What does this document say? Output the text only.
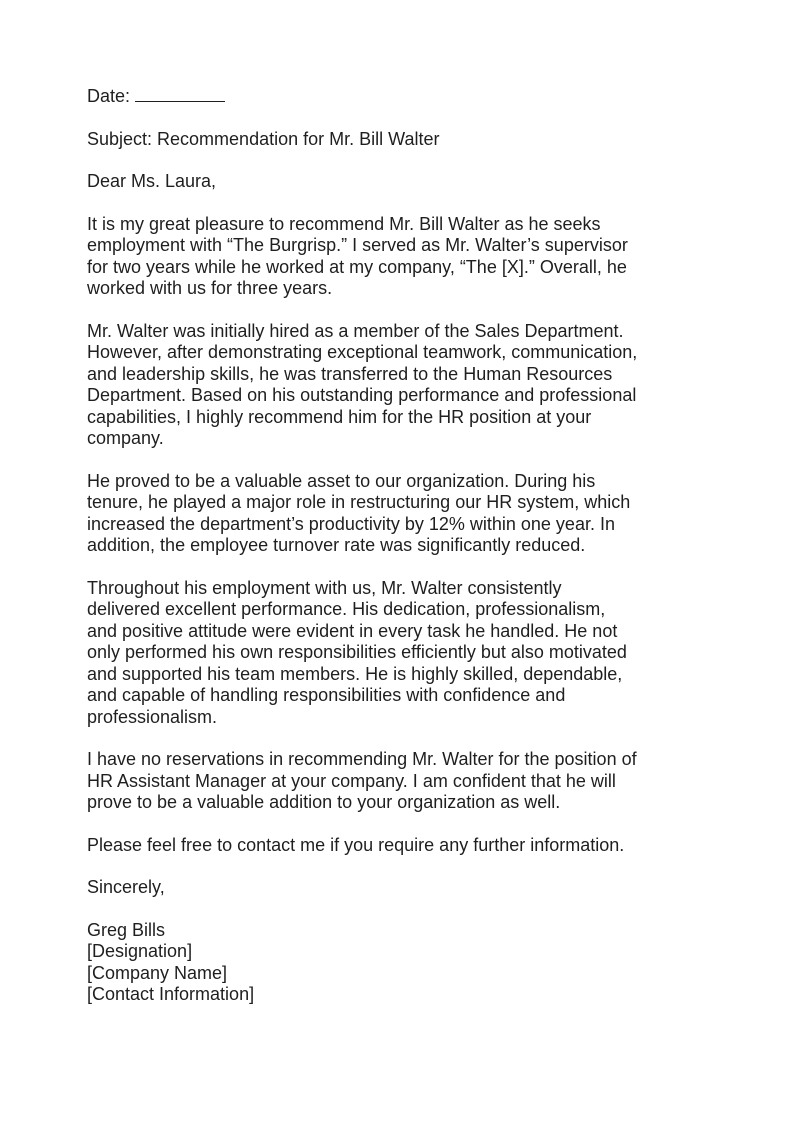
Date:
Subject: Recommendation for Mr. Bill Walter
Dear Ms. Laura,
It is my great pleasure to recommend Mr. Bill Walter as he seeks
employment with “The Burgrisp.” I served as Mr. Walter’s supervisor
for two years while he worked at my company, “The [X].” Overall, he
worked with us for three years.
Mr. Walter was initially hired as a member of the Sales Department.
However, after demonstrating exceptional teamwork, communication,
and leadership skills, he was transferred to the Human Resources
Department. Based on his outstanding performance and professional
capabilities, I highly recommend him for the HR position at your
company.
He proved to be a valuable asset to our organization. During his
tenure, he played a major role in restructuring our HR system, which
increased the department’s productivity by 12% within one year. In
addition, the employee turnover rate was significantly reduced.
Throughout his employment with us, Mr. Walter consistently
delivered excellent performance. His dedication, professionalism,
and positive attitude were evident in every task he handled. He not
only performed his own responsibilities efficiently but also motivated
and supported his team members. He is highly skilled, dependable,
and capable of handling responsibilities with confidence and
professionalism.
I have no reservations in recommending Mr. Walter for the position of
HR Assistant Manager at your company. I am confident that he will
prove to be a valuable addition to your organization as well.
Please feel free to contact me if you require any further information.
Sincerely,
Greg Bills
[Designation]
[Company Name]
[Contact Information]
